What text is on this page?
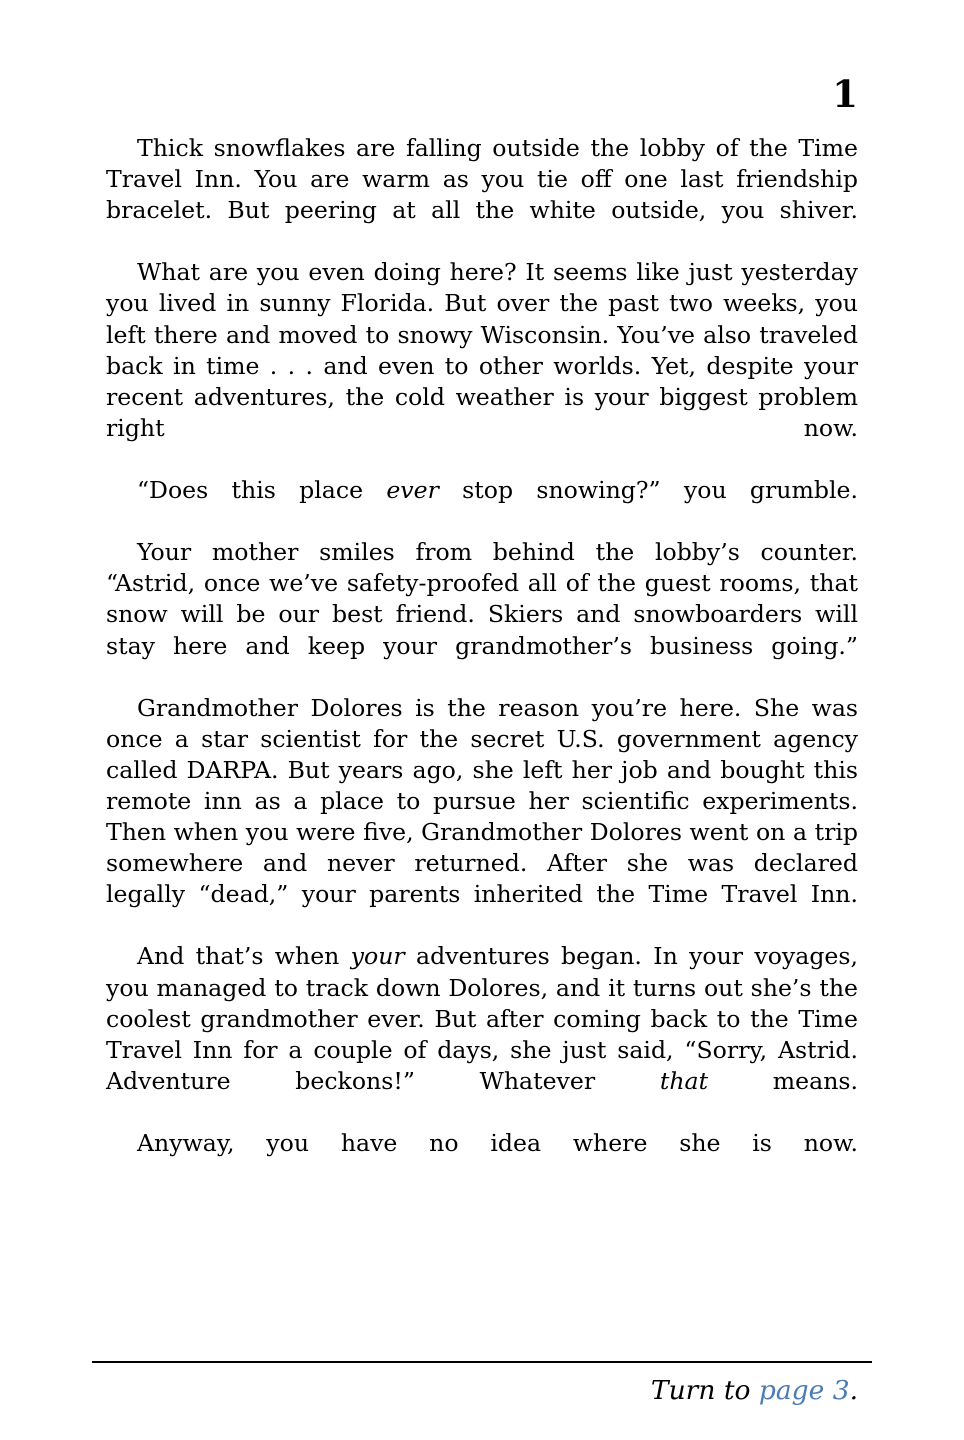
1

Thick snowflakes are falling outside the lobby of the Time Travel Inn. You are warm as you tie off one last friendship bracelet. But peering at all the white outside, you shiver.

What are you even doing here? It seems like just yesterday you lived in sunny Florida. But over the past two weeks, you left there and moved to snowy Wisconsin. You’ve also traveled back in time . . . and even to other worlds. Yet, despite your recent adventures, the cold weather is your biggest problem right now.

“Does this place ever stop snowing?” you grumble.

Your mother smiles from behind the lobby’s counter. “Astrid, once we’ve safety-proofed all of the guest rooms, that snow will be our best friend. Skiers and snowboarders will stay here and keep your grandmother’s business going.”

Grandmother Dolores is the reason you’re here. She was once a star scientist for the secret U.S. government agency called DARPA. But years ago, she left her job and bought this remote inn as a place to pursue her scientific experiments. Then when you were five, Grandmother Dolores went on a trip somewhere and never returned. After she was declared legally “dead,” your parents inherited the Time Travel Inn.

And that’s when your adventures began. In your voyages, you managed to track down Dolores, and it turns out she’s the coolest grandmother ever. But after coming back to the Time Travel Inn for a couple of days, she just said, “Sorry, Astrid. Adventure beckons!” Whatever that means.

Anyway, you have no idea where she is now.

Turn to page 3.
